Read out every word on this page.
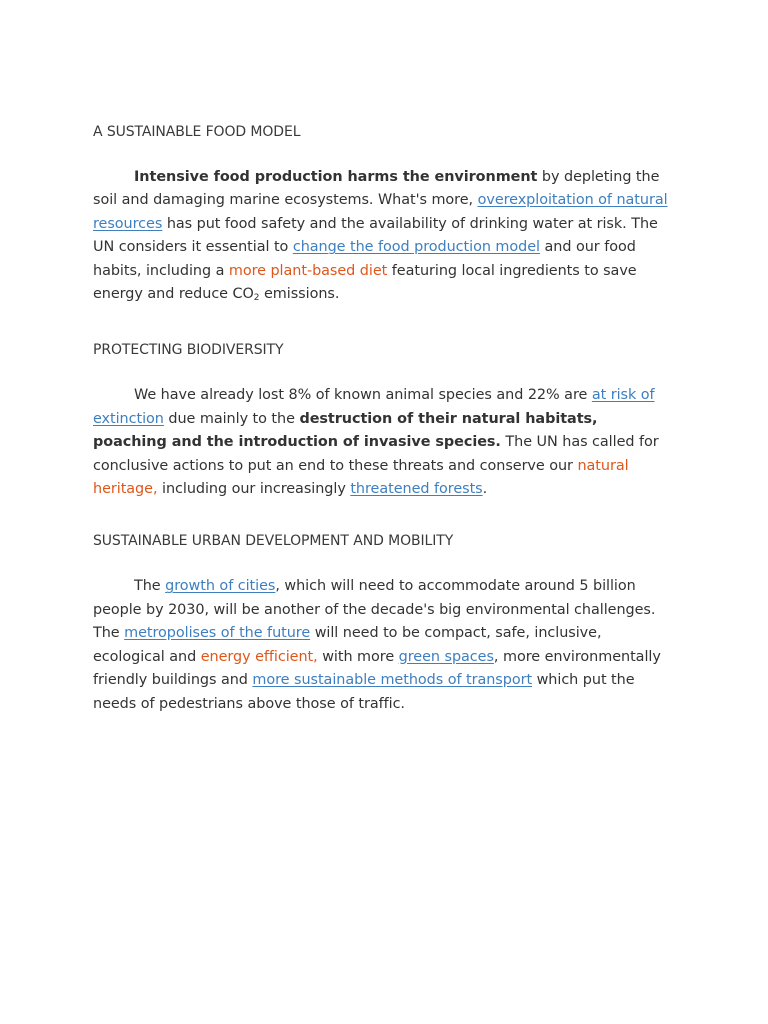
A SUSTAINABLE FOOD MODEL

Intensive food production harms the environment by depleting the soil and damaging marine ecosystems. What's more, overexploitation of natural resources has put food safety and the availability of drinking water at risk. The UN considers it essential to change the food production model and our food habits, including a more plant-based diet featuring local ingredients to save energy and reduce $CO_2$ emissions.

PROTECTING BIODIVERSITY

We have already lost 8% of known animal species and 22% are at risk of extinction due mainly to the destruction of their natural habitats, poaching and the introduction of invasive species. The UN has called for conclusive actions to put an end to these threats and conserve our natural heritage, including our increasingly threatened forests.

SUSTAINABLE URBAN DEVELOPMENT AND MOBILITY

The growth of cities, which will need to accommodate around 5 billion people by 2030, will be another of the decade's big environmental challenges. The metropolises of the future will need to be compact, safe, inclusive, ecological and energy efficient, with more green spaces, more environmentally friendly buildings and more sustainable methods of transport which put the needs of pedestrians above those of traffic.
